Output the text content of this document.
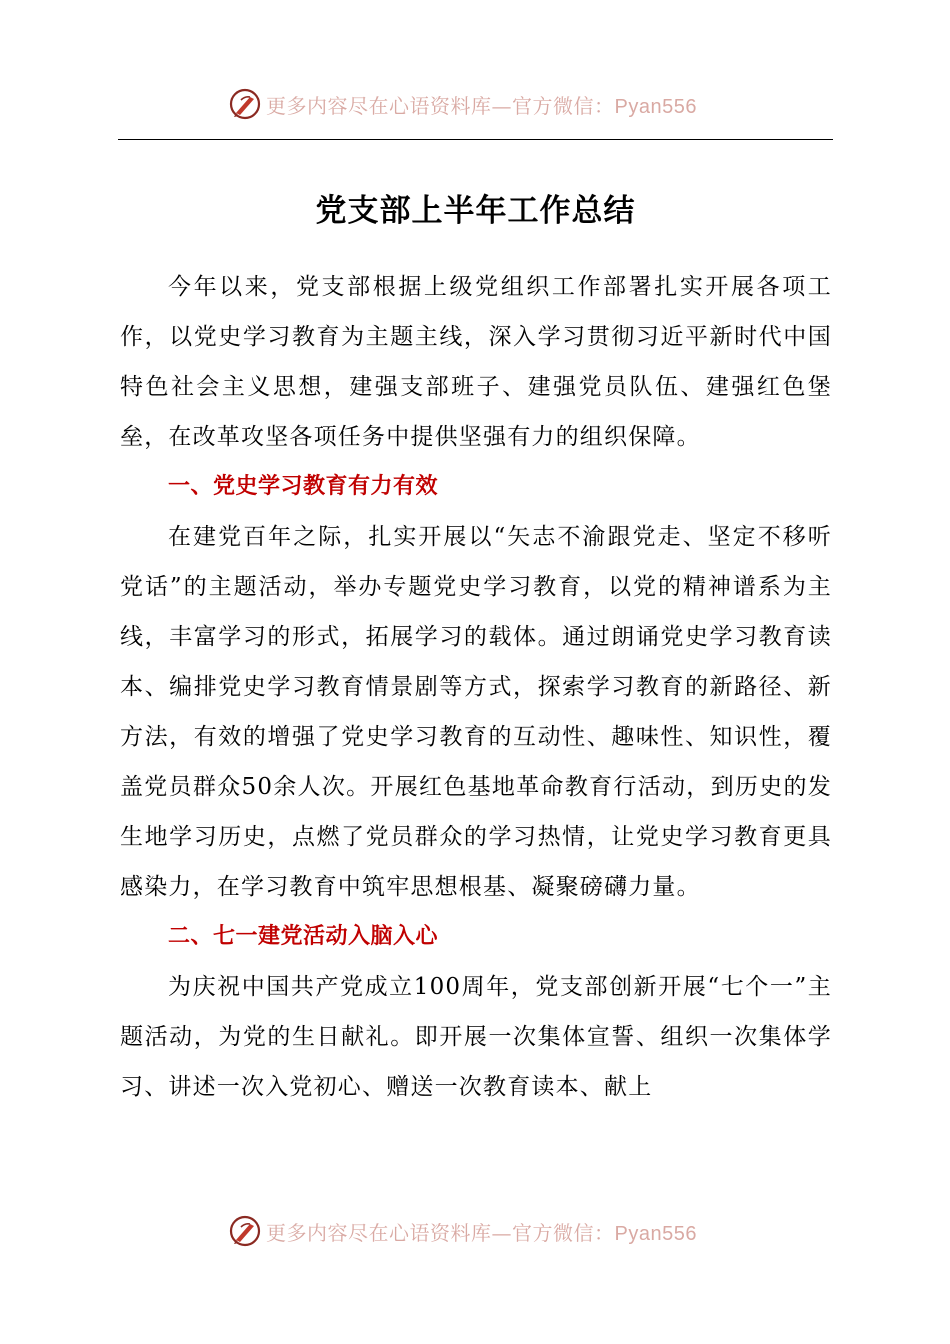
更多内容尽在心语资料库—官方微信：Pyan556
党支部上半年工作总结

今年以来，党支部根据上级党组织工作部署扎实开展各项工作，以党史学习教育为主题主线，深入学习贯彻习近平新时代中国特色社会主义思想，建强支部班子、建强党员队伍、建强红色堡垒，在改革攻坚各项任务中提供坚强有力的组织保障。

一、党史学习教育有力有效

在建党百年之际，扎实开展以“矢志不渝跟党走、坚定不移听党话”的主题活动，举办专题党史学习教育，以党的精神谱系为主线，丰富学习的形式，拓展学习的载体。通过朗诵党史学习教育读本、编排党史学习教育情景剧等方式，探索学习教育的新路径、新方法，有效的增强了党史学习教育的互动性、趣味性、知识性，覆盖党员群众50余人次。开展红色基地革命教育行活动，到历史的发生地学习历史，点燃了党员群众的学习热情，让党史学习教育更具感染力，在学习教育中筑牢思想根基、凝聚磅礴力量。

二、七一建党活动入脑入心

为庆祝中国共产党成立100周年，党支部创新开展“七个一”主题活动，为党的生日献礼。即开展一次集体宣誓、组织一次集体学习、讲述一次入党初心、赠送一次教育读本、献上

更多内容尽在心语资料库—官方微信：Pyan556
